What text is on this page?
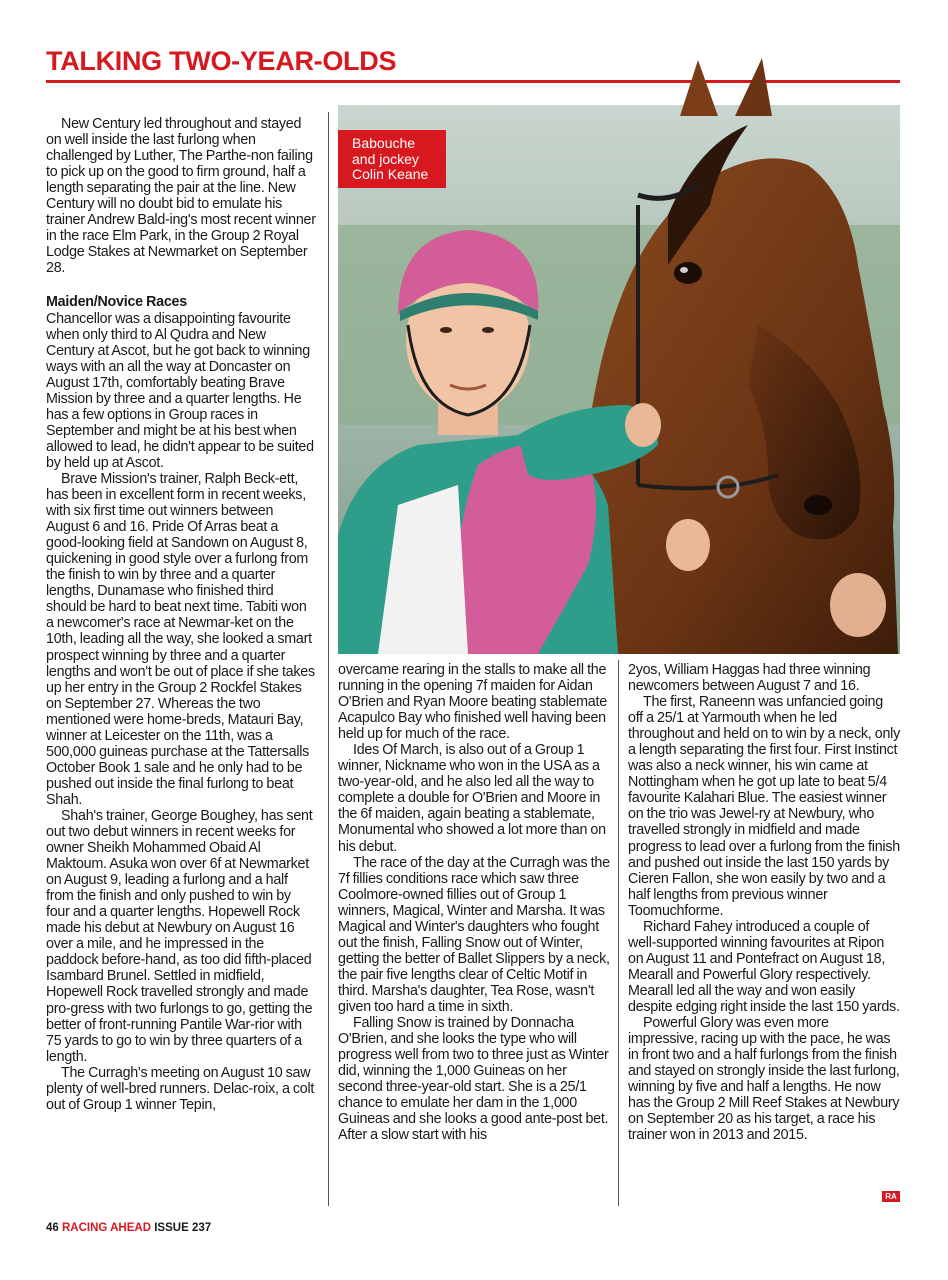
TALKING TWO-YEAR-OLDS
Babouche
and jockey
Colin Keane

New Century led throughout and stayed on well inside the last furlong when challenged by Luther, The Parthe-non failing to pick up on the good to firm ground, half a length separating the pair at the line. New Century will no doubt bid to emulate his trainer Andrew Bald-ing's most recent winner in the race Elm Park, in the Group 2 Royal Lodge Stakes at Newmarket on September 28.

Maiden/Novice Races

Chancellor was a disappointing favourite when only third to Al Qudra and New Century at Ascot, but he got back to winning ways with an all the way at Doncaster on August 17th, comfortably beating Brave Mission by three and a quarter lengths. He has a few options in Group races in September and might be at his best when allowed to lead, he didn't appear to be suited by held up at Ascot.

Brave Mission's trainer, Ralph Beck-ett, has been in excellent form in recent weeks, with six first time out winners between August 6 and 16. Pride Of Arras beat a good-looking field at Sandown on August 8, quickening in good style over a furlong from the finish to win by three and a quarter lengths, Dunamase who finished third should be hard to beat next time. Tabiti won a newcomer's race at Newmar-ket on the 10th, leading all the way, she looked a smart prospect winning by three and a quarter lengths and won't be out of place if she takes up her entry in the Group 2 Rockfel Stakes on September 27. Whereas the two mentioned were home-breds, Matauri Bay, winner at Leicester on the 11th, was a 500,000 guineas purchase at the Tattersalls October Book 1 sale and he only had to be pushed out inside the final furlong to beat Shah.

Shah's trainer, George Boughey, has sent out two debut winners in recent weeks for owner Sheikh Mohammed Obaid Al Maktoum. Asuka won over 6f at Newmarket on August 9, leading a furlong and a half from the finish and only pushed to win by four and a quarter lengths. Hopewell Rock made his debut at Newbury on August 16 over a mile, and he impressed in the paddock before-hand, as too did fifth-placed Isambard Brunel. Settled in midfield, Hopewell Rock travelled strongly and made pro-gress with two furlongs to go, getting the better of front-running Pantile War-rior with 75 yards to go to win by three quarters of a length.

The Curragh's meeting on August 10 saw plenty of well-bred runners. Delac-roix, a colt out of Group 1 winner Tepin,

overcame rearing in the stalls to make all the running in the opening 7f maiden for Aidan O'Brien and Ryan Moore beating stablemate Acapulco Bay who finished well having been held up for much of the race.

Ides Of March, is also out of a Group 1 winner, Nickname who won in the USA as a two-year-old, and he also led all the way to complete a double for O'Brien and Moore in the 6f maiden, again beating a stablemate, Monumental who showed a lot more than on his debut.

The race of the day at the Curragh was the 7f fillies conditions race which saw three Coolmore-owned fillies out of Group 1 winners, Magical, Winter and Marsha. It was Magical and Winter's daughters who fought out the finish, Falling Snow out of Winter, getting the better of Ballet Slippers by a neck, the pair five lengths clear of Celtic Motif in third. Marsha's daughter, Tea Rose, wasn't given too hard a time in sixth.

Falling Snow is trained by Donnacha O'Brien, and she looks the type who will progress well from two to three just as Winter did, winning the 1,000 Guineas on her second three-year-old start. She is a 25/1 chance to emulate her dam in the 1,000 Guineas and she looks a good ante-post bet. After a slow start with his

2yos, William Haggas had three winning newcomers between August 7 and 16.

The first, Raneenn was unfancied going off a 25/1 at Yarmouth when he led throughout and held on to win by a neck, only a length separating the first four. First Instinct was also a neck winner, his win came at Nottingham when he got up late to beat 5/4 favourite Kalahari Blue. The easiest winner on the trio was Jewel-ry at Newbury, who travelled strongly in midfield and made progress to lead over a furlong from the finish and pushed out inside the last 150 yards by Cieren Fallon, she won easily by two and a half lengths from previous winner Toomuchforme.

Richard Fahey introduced a couple of well-supported winning favourites at Ripon on August 11 and Pontefract on August 18, Mearall and Powerful Glory respectively. Mearall led all the way and won easily despite edging right inside the last 150 yards.

Powerful Glory was even more impressive, racing up with the pace, he was in front two and a half furlongs from the finish and stayed on strongly inside the last furlong, winning by five and half a lengths. He now has the Group 2 Mill Reef Stakes at Newbury on September 20 as his target, a race his trainer won in 2013 and 2015.

RA
46 RACING AHEAD ISSUE 237
